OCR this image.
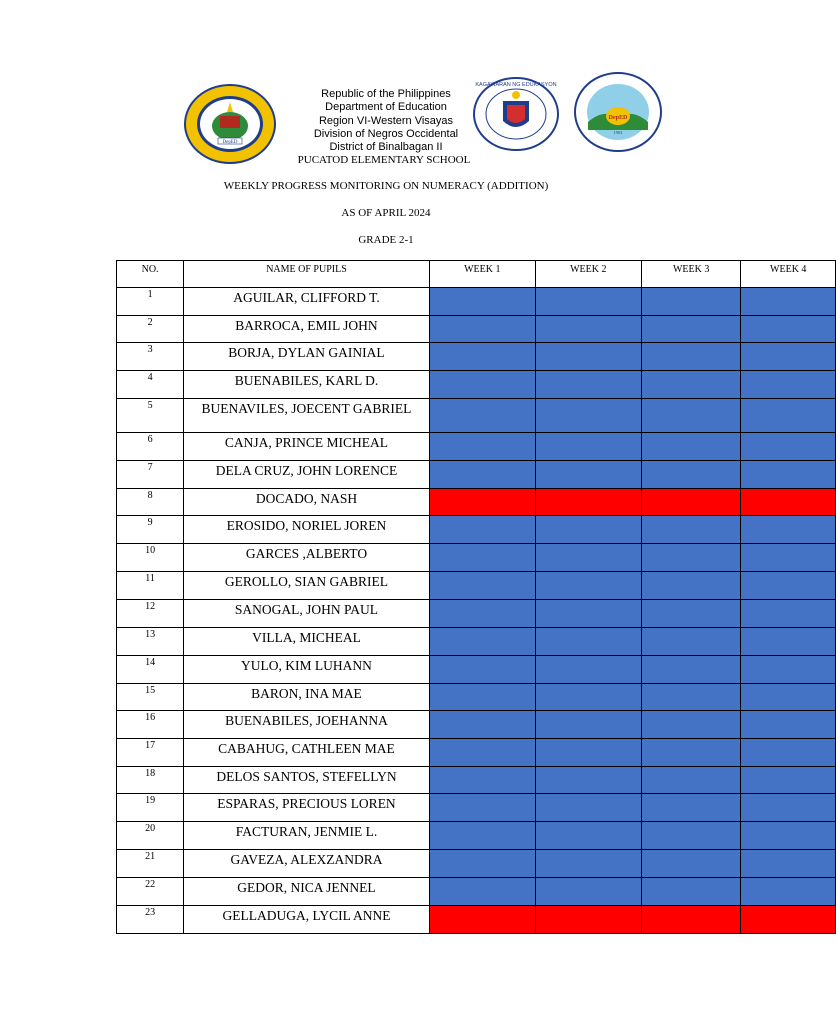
DepED
KAGAWARAN NG EDUKASYON
DepED
1902
Republic of the Philippines
Department of Education
Region VI-Western Visayas
Division of Negros Occidental
District of Binalbagan II
PUCATOD ELEMENTARY SCHOOL
WEEKLY PROGRESS MONITORING ON NUMERACY (ADDITION)
AS OF APRIL 2024
GRADE 2-1
NO.	NAME OF PUPILS	WEEK 1	WEEK 2	WEEK 3	WEEK 4

1	AGUILAR, CLIFFORD T.				

2	BARROCA, EMIL JOHN				

3	BORJA, DYLAN GAINIAL				

4	BUENABILES, KARL D.				

5	BUENAVILES, JOECENT GABRIEL				

6	CANJA, PRINCE MICHEAL				

7	DELA CRUZ, JOHN LORENCE				

8	DOCADO, NASH				

9	EROSIDO, NORIEL JOREN				

10	GARCES ,ALBERTO				

11	GEROLLO, SIAN GABRIEL				

12	SANOGAL, JOHN PAUL				

13	VILLA, MICHEAL				

14	YULO, KIM LUHANN				

15	BARON, INA MAE				

16	BUENABILES, JOEHANNA				

17	CABAHUG, CATHLEEN MAE				

18	DELOS SANTOS, STEFELLYN				

19	ESPARAS, PRECIOUS LOREN				

20	FACTURAN, JENMIE L.				

21	GAVEZA, ALEXZANDRA				

22	GEDOR, NICA JENNEL				

23	GELLADUGA, LYCIL ANNE				
